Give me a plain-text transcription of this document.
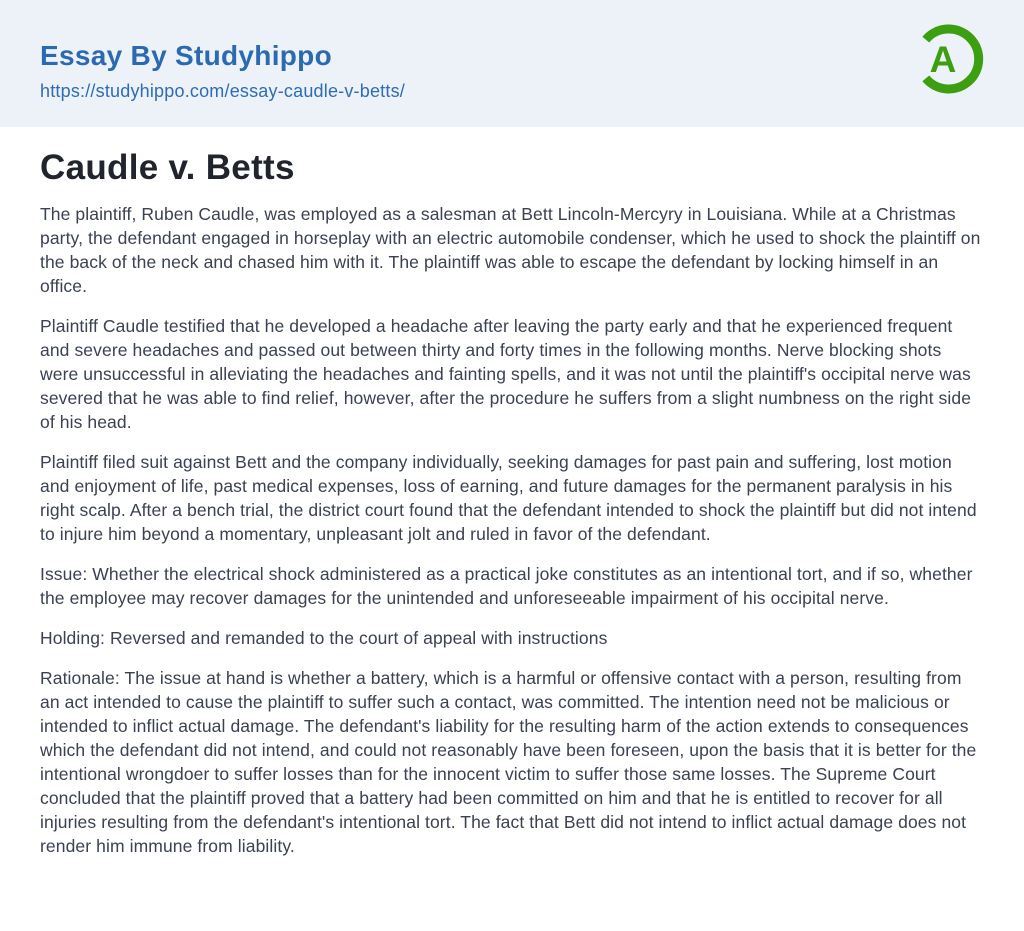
Essay By Studyhippo
https://studyhippo.com/essay-caudle-v-betts/
A
Caudle v. Betts

The plaintiff, Ruben Caudle, was employed as a salesman at Bett Lincoln-Mercyry in Louisiana. While at a Christmas party, the defendant engaged in horseplay with an electric automobile condenser, which he used to shock the plaintiff on the back of the neck and chased him with it. The plaintiff was able to escape the defendant by locking himself in an office.

Plaintiff Caudle testified that he developed a headache after leaving the party early and that he experienced frequent and severe headaches and passed out between thirty and forty times in the following months. Nerve blocking shots were unsuccessful in alleviating the headaches and fainting spells, and it was not until the plaintiff's occipital nerve was severed that he was able to find relief, however, after the procedure he suffers from a slight numbness on the right side of his head.

Plaintiff filed suit against Bett and the company individually, seeking damages for past pain and suffering, lost motion and enjoyment of life, past medical expenses, loss of earning, and future damages for the permanent paralysis in his right scalp. After a bench trial, the district court found that the defendant intended to shock the plaintiff but did not intend to injure him beyond a momentary, unpleasant jolt and ruled in favor of the defendant.

Issue: Whether the electrical shock administered as a practical joke constitutes as an intentional tort, and if so, whether the employee may recover damages for the unintended and unforeseeable impairment of his occipital nerve.

Holding: Reversed and remanded to the court of appeal with instructions

Rationale: The issue at hand is whether a battery, which is a harmful or offensive contact with a person, resulting from an act intended to cause the plaintiff to suffer such a contact, was committed. The intention need not be malicious or intended to inflict actual damage. The defendant's liability for the resulting harm of the action extends to consequences which the defendant did not intend, and could not reasonably have been foreseen, upon the basis that it is better for the intentional wrongdoer to suffer losses than for the innocent victim to suffer those same losses. The Supreme Court concluded that the plaintiff proved that a battery had been committed on him and that he is entitled to recover for all injuries resulting from the defendant's intentional tort. The fact that Bett did not intend to inflict actual damage does not render him immune from liability.
